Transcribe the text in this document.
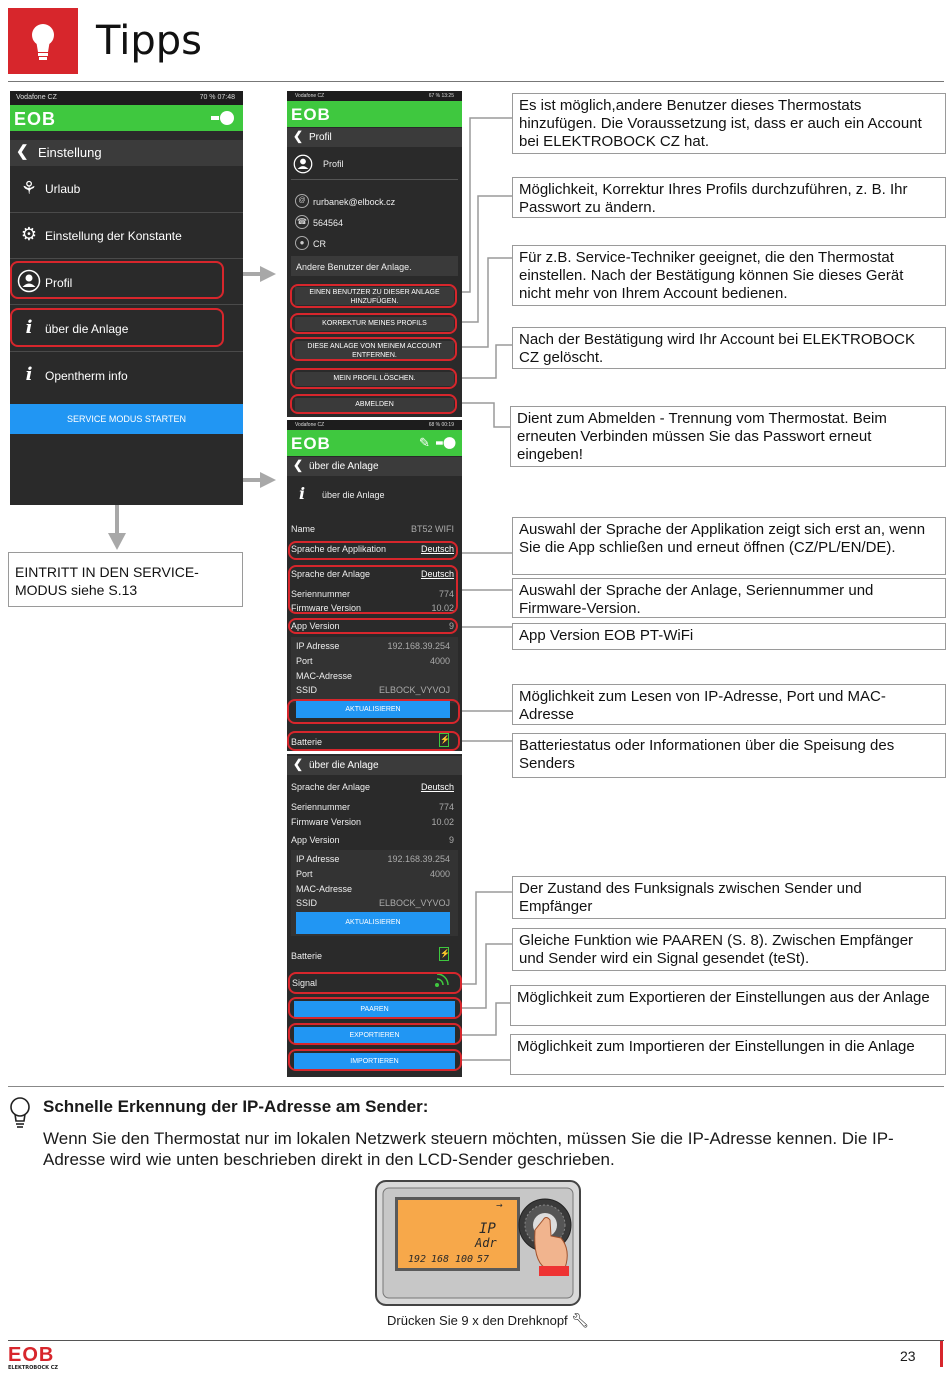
Tipps
Vodafone CZ	70 % 07:48
EOB
❮ Einstellung
⚘ Urlaub
⚙ Einstellung der Konstante
Profil
i	über die Anlage
i	Opentherm info
SERVICE MODUS STARTEN
EINTRITT IN DEN SERVICE-MODUS siehe S.13
Vodafone CZ	67 % 13:25
EOB
❮ Profil
Profil
@ rurbanek@elbock.cz
☎ 564564
● CR
Andere Benutzer der Anlage.
EINEN BENUTZER ZU DIESER ANLAGE HINZUFÜGEN.
KORREKTUR MEINES PROFILS
DIESE ANLAGE VON MEINEM ACCOUNT ENTFERNEN.
MEIN PROFIL LÖSCHEN.
ABMELDEN
Vodafone CZ	68 % 00:19
EOB	✎
❮ über die Anlage
i über die Anlage
Name	BT52 WIFI
Sprache der Applikation	Deutsch
Sprache der Anlage	Deutsch
Seriennummer	774
Firmware Version	10.02
App Version	9
IP Adresse	192.168.39.254
Port	4000
MAC-Adresse
SSID	ELBOCK_VYVOJ
AKTUALISIEREN
Batterie	⚡
❮ über die Anlage
Sprache der Anlage	Deutsch
Seriennummer	774
Firmware Version	10.02
App Version	9
IP Adresse	192.168.39.254
Port	4000
MAC-Adresse
SSID	ELBOCK_VYVOJ
AKTUALISIEREN
Batterie	⚡
Signal
PAAREN
EXPORTIEREN
IMPORTIEREN
Es ist möglich,andere Benutzer dieses Thermostats hinzufügen. Die Voraussetzung ist, dass er auch ein Account bei ELEKTROBOCK CZ hat.
Möglichkeit, Korrektur Ihres Profils durchzuführen, z. B. Ihr Passwort zu ändern.
Für z.B. Service-Techniker geeignet, die den Thermostat einstellen. Nach der Bestätigung können Sie dieses Gerät nicht mehr von Ihrem Account bedienen.
Nach der Bestätigung wird Ihr Account bei ELEKTROBOCK CZ gelöscht.
Dient zum Abmelden - Trennung vom Thermostat. Beim erneuten Verbinden müssen Sie das Passwort erneut eingeben!
Auswahl der Sprache der Applikation zeigt sich erst an, wenn Sie die App schließen und erneut öffnen (CZ/PL/EN/DE).
Auswahl der Sprache der Anlage, Seriennummer und Firmware-Version.
App Version EOB PT-WiFi
Möglichkeit zum Lesen von IP-Adresse, Port und MAC-Adresse
Batteriestatus oder Informationen über die Speisung des Senders
Der Zustand des Funksignals zwischen Sender und Empfänger
Gleiche Funktion wie PAAREN (S. 8). Zwischen Empfänger und Sender wird ein Signal gesendet (teSt).
Möglichkeit zum Exportieren der Einstellungen aus der Anlage
Möglichkeit zum Importieren der Einstellungen in die Anlage
Schnelle Erkennung der IP-Adresse am Sender:
Wenn Sie den Thermostat nur im lokalen Netzwerk steuern möchten, müssen Sie die IP-Adresse kennen. Die IP-Adresse wird wie unten beschrieben direkt in den LCD-Sender geschrieben.
→
IP
Adr
192 168 100 57
Drücken Sie 9 x den Drehknopf 🔧︎
EOB
ELEKTROBOCK CZ
23
